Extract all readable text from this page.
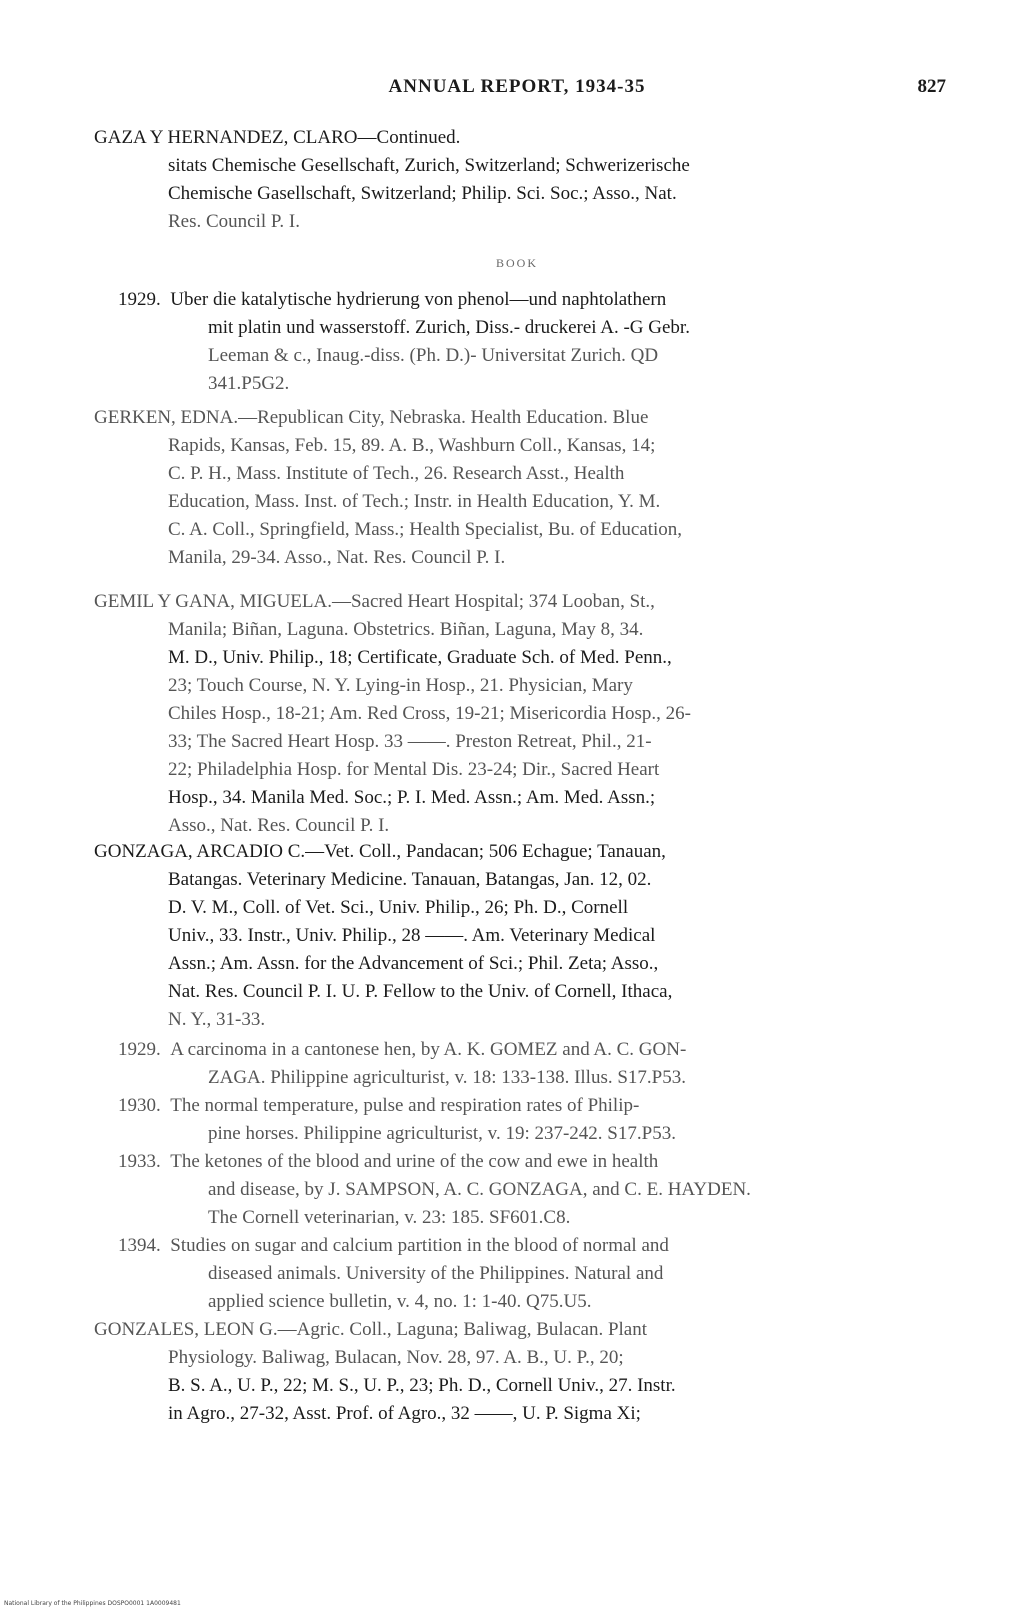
ANNUAL REPORT, 1934-35	827
GAZA Y HERNANDEZ, CLARO—Continued.
sitats Chemische Gesellschaft, Zurich, Switzerland; Schwerizerische
Chemische Gasellschaft, Switzerland; Philip. Sci. Soc.; Asso., Nat.
Res. Council P. I.
BOOK
1929. Uber die katalytische hydrierung von phenol—und naphtolathern
mit platin und wasserstoff. Zurich, Diss.- druckerei A. -G Gebr.
Leeman & c., Inaug.-diss. (Ph. D.)- Universitat Zurich. QD
341.P5G2.
GERKEN, EDNA.—Republican City, Nebraska. Health Education. Blue
Rapids, Kansas, Feb. 15, 89. A. B., Washburn Coll., Kansas, 14;
C. P. H., Mass. Institute of Tech., 26. Research Asst., Health
Education, Mass. Inst. of Tech.; Instr. in Health Education, Y. M.
C. A. Coll., Springfield, Mass.; Health Specialist, Bu. of Education,
Manila, 29-34. Asso., Nat. Res. Council P. I.
GEMIL Y GANA, MIGUELA.—Sacred Heart Hospital; 374 Looban, St.,
Manila; Biñan, Laguna. Obstetrics. Biñan, Laguna, May 8, 34.
M. D., Univ. Philip., 18; Certificate, Graduate Sch. of Med. Penn.,
23; Touch Course, N. Y. Lying-in Hosp., 21. Physician, Mary
Chiles Hosp., 18-21; Am. Red Cross, 19-21; Misericordia Hosp., 26-
33; The Sacred Heart Hosp. 33 ——. Preston Retreat, Phil., 21-
22; Philadelphia Hosp. for Mental Dis. 23-24; Dir., Sacred Heart
Hosp., 34. Manila Med. Soc.; P. I. Med. Assn.; Am. Med. Assn.;
Asso., Nat. Res. Council P. I.
GONZAGA, ARCADIO C.—Vet. Coll., Pandacan; 506 Echague; Tanauan,
Batangas. Veterinary Medicine. Tanauan, Batangas, Jan. 12, 02.
D. V. M., Coll. of Vet. Sci., Univ. Philip., 26; Ph. D., Cornell
Univ., 33. Instr., Univ. Philip., 28 ——. Am. Veterinary Medical
Assn.; Am. Assn. for the Advancement of Sci.; Phil. Zeta; Asso.,
Nat. Res. Council P. I. U. P. Fellow to the Univ. of Cornell, Ithaca,
N. Y., 31-33.
1929. A carcinoma in a cantonese hen, by A. K. GOMEZ and A. C. GON-
ZAGA. Philippine agriculturist, v. 18: 133-138. Illus. S17.P53.
1930. The normal temperature, pulse and respiration rates of Philip-
pine horses. Philippine agriculturist, v. 19: 237-242. S17.P53.
1933. The ketones of the blood and urine of the cow and ewe in health
and disease, by J. SAMPSON, A. C. GONZAGA, and C. E. HAYDEN.
The Cornell veterinarian, v. 23: 185. SF601.C8.
1394. Studies on sugar and calcium partition in the blood of normal and
diseased animals. University of the Philippines. Natural and
applied science bulletin, v. 4, no. 1: 1-40. Q75.U5.
GONZALES, LEON G.—Agric. Coll., Laguna; Baliwag, Bulacan. Plant
Physiology. Baliwag, Bulacan, Nov. 28, 97. A. B., U. P., 20;
B. S. A., U. P., 22; M. S., U. P., 23; Ph. D., Cornell Univ., 27. Instr.
in Agro., 27-32, Asst. Prof. of Agro., 32 ——, U. P. Sigma Xi;
National Library of the Philippines DOSPO0001 1A0009481
